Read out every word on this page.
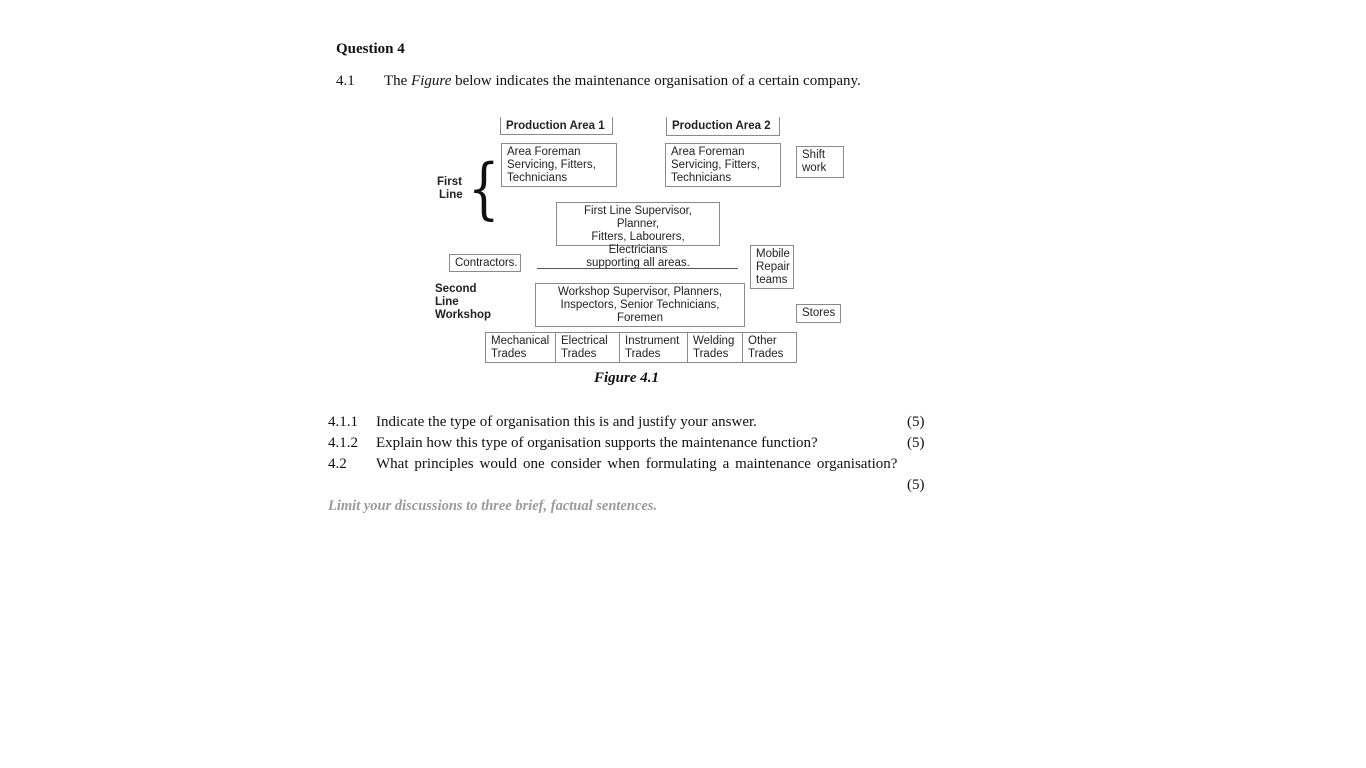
Question 4
4.1 The Figure below indicates the maintenance organisation of a certain company.
Production Area 1	Production Area 2
Area Foreman
Servicing, Fitters,
Technicians
Area Foreman
Servicing, Fitters,
Technicians
Shift
work
First
Line {	First Line Supervisor, Planner,
Fitters, Labourers, Electricians
supporting all areas.
Contractors.
Mobile
Repair
teams
Second
Line
Workshop
Workshop Supervisor, Planners,
Inspectors, Senior Technicians,
Foremen	Stores
Mechanical
Trades
Electrical
Trades
Instrument
Trades
Welding
Trades
Other
Trades
Figure 4.1
4.1.1 Indicate the type of organisation this is and justify your answer.	(5)
4.1.2 Explain how this type of organisation supports the maintenance function?	(5)
4.2 What principles would one consider when formulating a maintenance organisation?
(5)
Limit your discussions to three brief, factual sentences.
